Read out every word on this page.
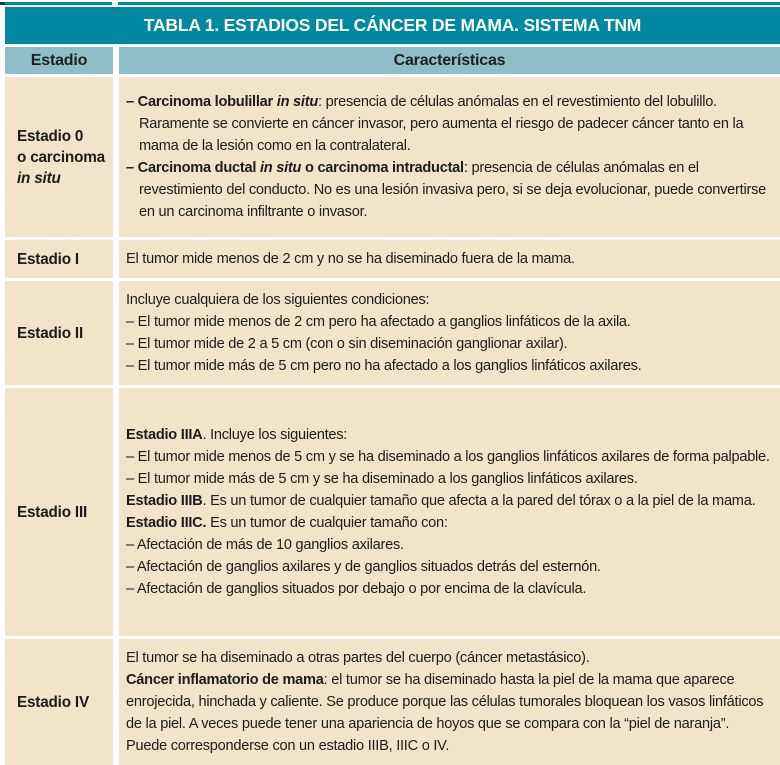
TABLA 1. ESTADIOS DEL CÁNCER DE MAMA. SISTEMA TNM
Estadio	Características
Estadio 0
o carcinoma
in situ
– Carcinoma lobulillar in situ: presencia de células anómalas en el revestimiento del lobulillo. Raramente se convierte en cáncer invasor, pero aumenta el riesgo de padecer cáncer tanto en la mama de la lesión como en la contralateral.
– Carcinoma ductal in situ o carcinoma intraductal: presencia de células anómalas en el revestimiento del conducto. No es una lesión invasiva pero, si se deja evolucionar, puede convertirse en un carcinoma infiltrante o invasor.
Estadio I	El tumor mide menos de 2 cm y no se ha diseminado fuera de la mama.
Estadio II
Incluye cualquiera de los siguientes condiciones:
– El tumor mide menos de 2 cm pero ha afectado a ganglios linfáticos de la axila.
– El tumor mide de 2 a 5 cm (con o sin diseminación ganglionar axilar).
– El tumor mide más de 5 cm pero no ha afectado a los ganglios linfáticos axilares.
Estadio III
Estadio IIIA. Incluye los siguientes:
– El tumor mide menos de 5 cm y se ha diseminado a los ganglios linfáticos axilares de forma palpable.
– El tumor mide más de 5 cm y se ha diseminado a los ganglios linfáticos axilares.
Estadio IIIB. Es un tumor de cualquier tamaño que afecta a la pared del tórax o a la piel de la mama.
Estadio IIIC. Es un tumor de cualquier tamaño con:
– Afectación de más de 10 ganglios axilares.
– Afectación de ganglios axilares y de ganglios situados detrás del esternón.
– Afectación de ganglios situados por debajo o por encima de la clavícula.
Estadio IV
El tumor se ha diseminado a otras partes del cuerpo (cáncer metastásico).
Cáncer inflamatorio de mama: el tumor se ha diseminado hasta la piel de la mama que aparece enrojecida, hinchada y caliente. Se produce porque las células tumorales bloquean los vasos linfáticos de la piel. A veces puede tener una apariencia de hoyos que se compara con la “piel de naranja”. Puede corresponderse con un estadio IIIB, IIIC o IV.
